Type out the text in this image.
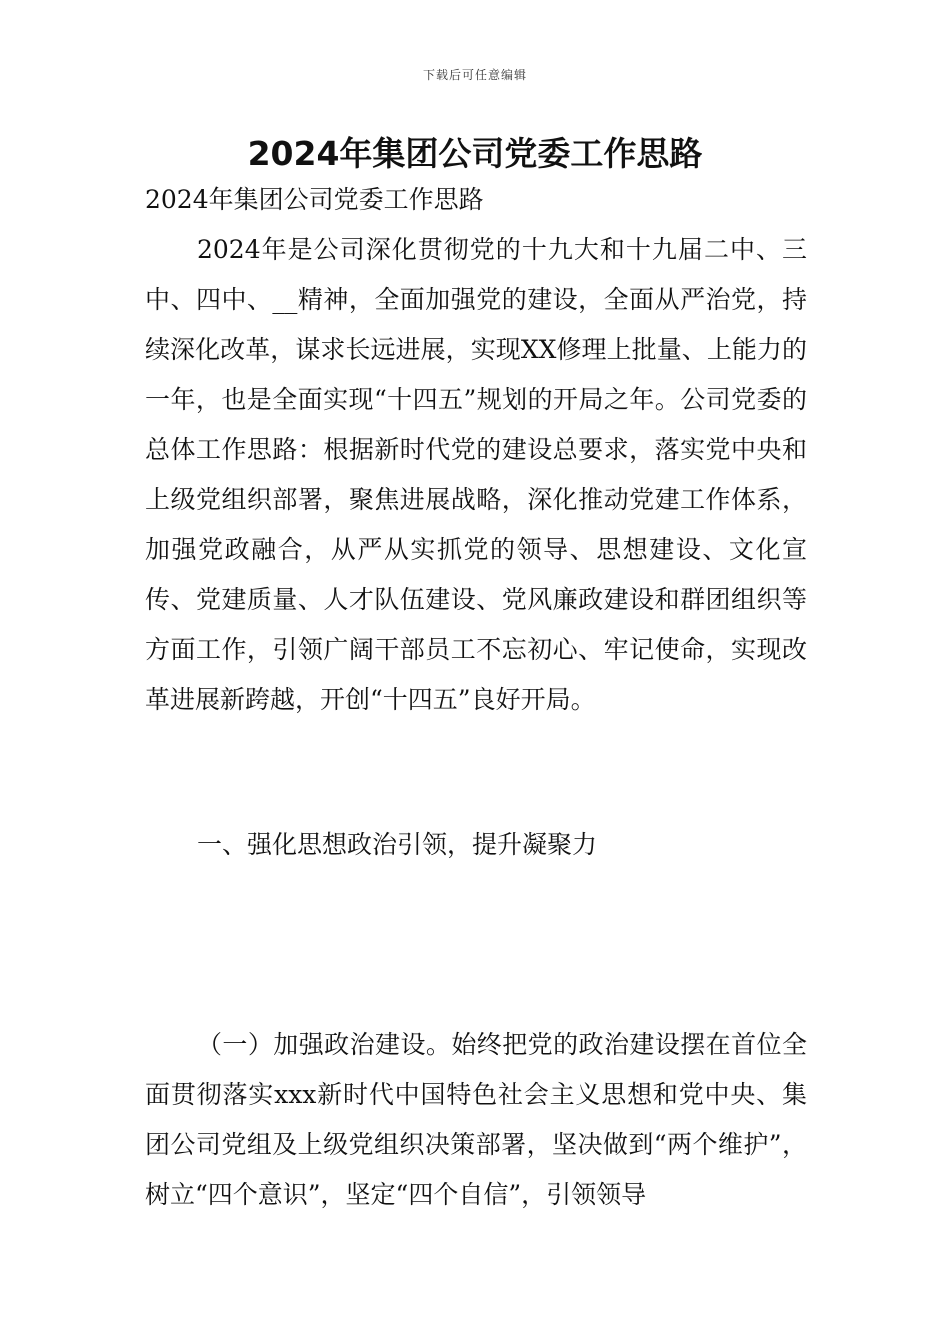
下载后可任意编辑
2024年集团公司党委工作思路

2024年集团公司党委工作思路

2024年是公司深化贯彻党的十九大和十九届二中、三中、四中、__精神，全面加强党的建设，全面从严治党，持续深化改革，谋求长远进展，实现XX修理上批量、上能力的一年，也是全面实现“十四五”规划的开局之年。公司党委的总体工作思路：根据新时代党的建设总要求，落实党中央和上级党组织部署，聚焦进展战略，深化推动党建工作体系，加强党政融合，从严从实抓党的领导、思想建设、文化宣传、党建质量、人才队伍建设、党风廉政建设和群团组织等方面工作，引领广阔干部员工不忘初心、牢记使命，实现改革进展新跨越，开创“十四五”良好开局。

一、强化思想政治引领，提升凝聚力

（一）加强政治建设。始终把党的政治建设摆在首位全面贯彻落实xxx新时代中国特色社会主义思想和党中央、集团公司党组及上级党组织决策部署，坚决做到“两个维护”，树立“四个意识”，坚定“四个自信”，引领领导
